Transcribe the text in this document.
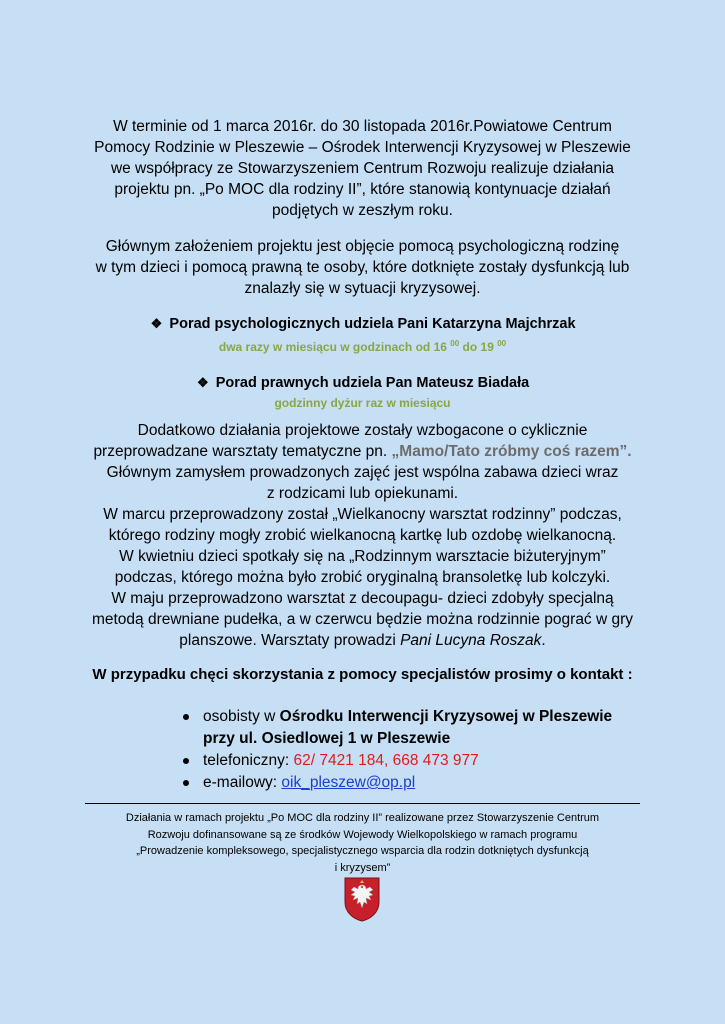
W terminie od 1 marca 2016r. do 30 listopada 2016r.Powiatowe Centrum
Pomocy Rodzinie w Pleszewie – Ośrodek Interwencji Kryzysowej w Pleszewie
we współpracy ze Stowarzyszeniem Centrum Rozwoju realizuje działania
projektu pn. „Po MOC dla rodziny II”, które stanowią kontynuacje działań
podjętych w zeszłym roku.
Głównym założeniem projektu jest objęcie pomocą psychologiczną rodzinę
w tym dzieci i pomocą prawną te osoby, które dotknięte zostały dysfunkcją lub
znalazły się w sytuacji kryzysowej.
❖ Porad psychologicznych udziela Pani Katarzyna Majchrzak
dwa razy w miesiącu w godzinach od 16 $^{00}$ do 19 $^{00}$
❖ Porad prawnych udziela Pan Mateusz Biadała
godzinny dyżur raz w miesiącu
Dodatkowo działania projektowe zostały wzbogacone o cyklicznie
przeprowadzane warsztaty tematyczne pn. „Mamo/Tato zróbmy coś razem”.
Głównym zamysłem prowadzonych zajęć jest wspólna zabawa dzieci wraz
z rodzicami lub opiekunami.
W marcu przeprowadzony został „Wielkanocny warsztat rodzinny” podczas,
którego rodziny mogły zrobić wielkanocną kartkę lub ozdobę wielkanocną.
W kwietniu dzieci spotkały się na „Rodzinnym warsztacie biżuteryjnym”
podczas, którego można było zrobić oryginalną bransoletkę lub kolczyki.
W maju przeprowadzono warsztat z decoupagu- dzieci zdobyły specjalną
metodą drewniane pudełka, a w czerwcu będzie można rodzinnie pograć w gry
planszowe. Warsztaty prowadzi Pani Lucyna Roszak.
W przypadku chęci skorzystania z pomocy specjalistów prosimy o kontakt :
osobisty w Ośrodku Interwencji Kryzysowej w Pleszewie
przy ul. Osiedlowej 1 w Pleszewie
telefoniczny: 62/ 7421 184, 668 473 977
e-mailowy: oik_pleszew@op.pl
Działania w ramach projektu „Po MOC dla rodziny II” realizowane przez Stowarzyszenie Centrum
Rozwoju dofinansowane są ze środków Wojewody Wielkopolskiego w ramach programu
„Prowadzenie kompleksowego, specjalistycznego wsparcia dla rodzin dotkniętych dysfunkcją
i kryzysem”
